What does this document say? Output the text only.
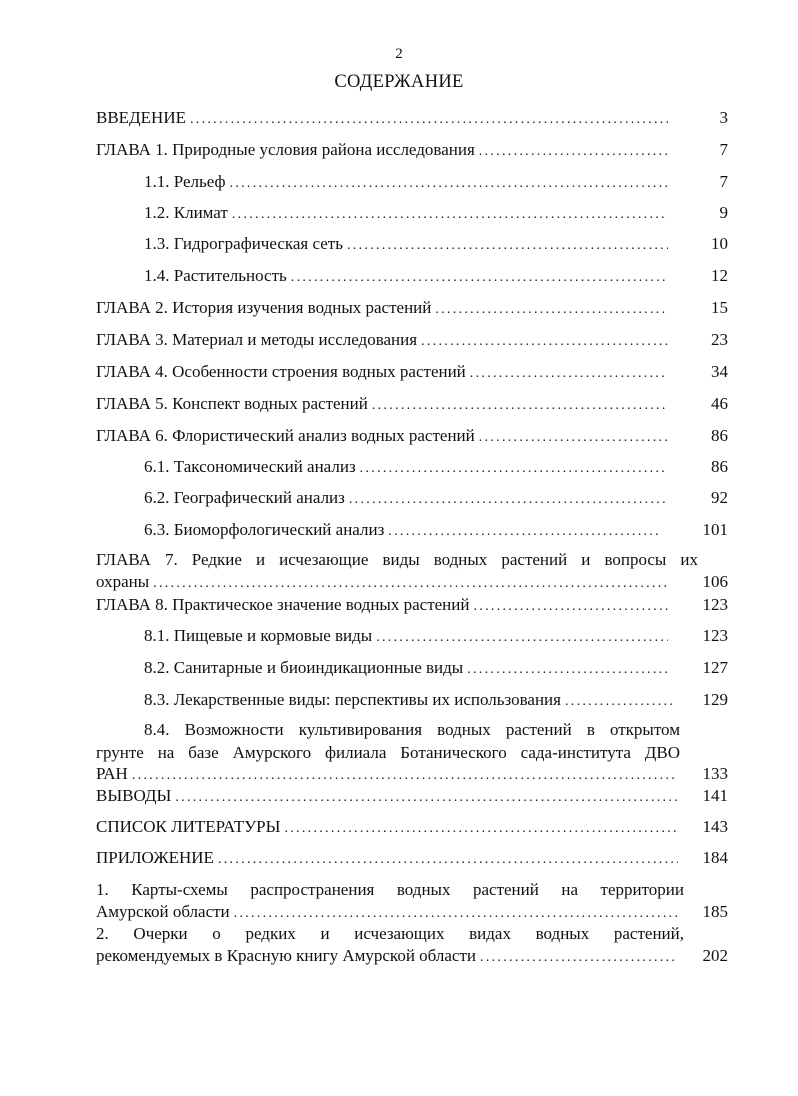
2
СОДЕРЖАНИЕ
ВВЕДЕНИЕ . . .	3
ГЛАВА 1. Природные условия района исследования . . .	7
1.1. Рельеф . . .	7
1.2. Климат . . .	9
1.3. Гидрографическая сеть . . .	10
1.4. Растительность . . .	12
ГЛАВА 2. История изучения водных растений . . .	15
ГЛАВА 3. Материал и методы исследования . . .	23
ГЛАВА 4. Особенности строения водных растений . . .	34
ГЛАВА 5. Конспект водных растений . . .	46
ГЛАВА 6. Флористический анализ водных растений . . .	86
6.1. Таксономический анализ . . .	86
6.2. Географический анализ . . .	92
6.3. Биоморфологический анализ . . .	101
ГЛАВА 7. Редкие и исчезающие виды водных растений и вопросы их
охраны . . .	106
ГЛАВА 8. Практическое значение водных растений . . .	123
8.1. Пищевые и кормовые виды . . .	123
8.2. Санитарные и биоиндикационные виды . . .	127
8.3. Лекарственные виды: перспективы их использования . . .	129
8.4. Возможности культивирования водных растений в открытом
грунте на базе Амурского филиала Ботанического сада-института ДВО
РАН . . .	133
ВЫВОДЫ . . .	141
СПИСОК ЛИТЕРАТУРЫ . . .	143
ПРИЛОЖЕНИЕ . . .	184
1. Карты-схемы распространения водных растений на территории
Амурской области . . .	185
2. Очерки о редких и исчезающих видах водных растений,
рекомендуемых в Красную книгу Амурской области . . .	202
